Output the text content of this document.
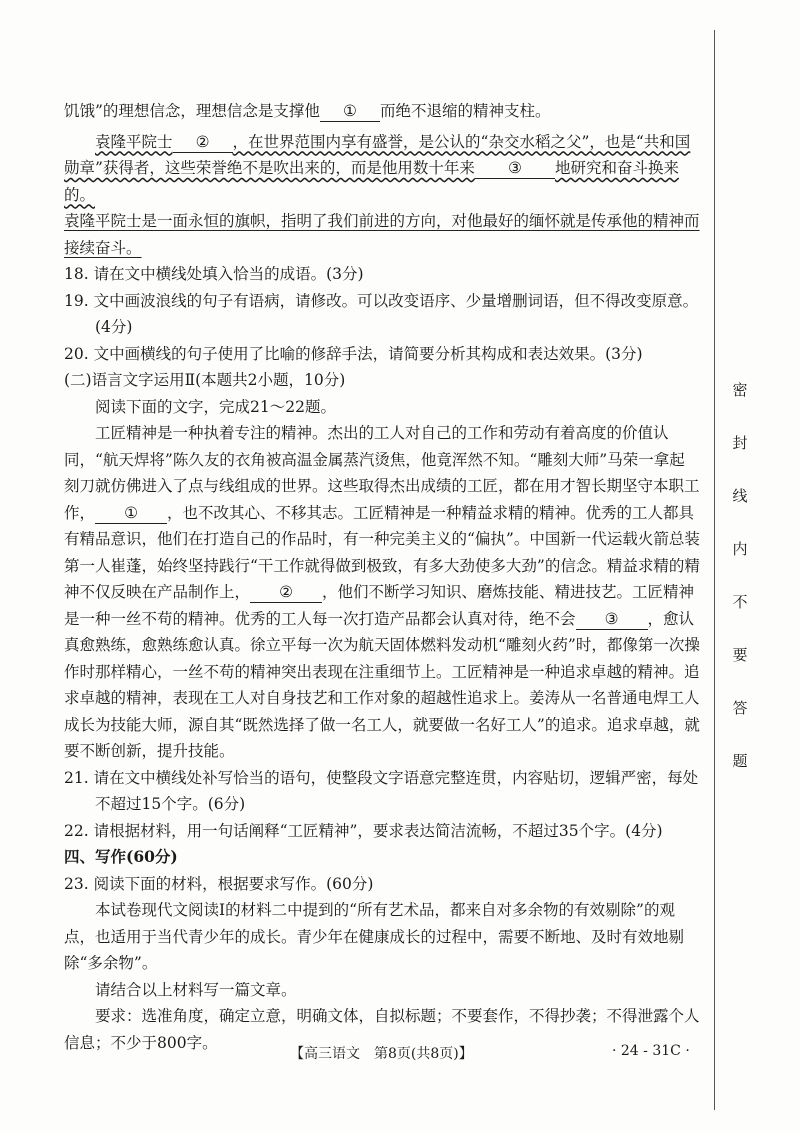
饥饿”的理想信念，理想信念是支撑他 ① 而绝不退缩的精神支柱。

袁隆平院士 ② ，在世界范围内享有盛誉，是公认的“杂交水稻之父”，也是“共和国勋章”获得者，这些荣誉绝不是吹出来的，而是他用数十年来 ③ 地研究和奋斗换来的。
袁隆平院士是一面永恒的旗帜，指明了我们前进的方向，对他最好的缅怀就是传承他的精神而接续奋斗。

18. 请在文中横线处填入恰当的成语。(3分)

19. 文中画波浪线的句子有语病，请修改。可以改变语序、少量增删词语，但不得改变原意。(4分)

20. 文中画横线的句子使用了比喻的修辞手法，请简要分析其构成和表达效果。(3分)

(二)语言文字运用Ⅱ(本题共2小题，10分)

阅读下面的文字，完成21～22题。

工匠精神是一种执着专注的精神。杰出的工人对自己的工作和劳动有着高度的价值认同，“航天焊将”陈久友的衣角被高温金属蒸汽烫焦，他竟浑然不知。“雕刻大师”马荣一拿起刻刀就仿佛进入了点与线组成的世界。这些取得杰出成绩的工匠，都在用才智长期坚守本职工作， ① ，也不改其心、不移其志。工匠精神是一种精益求精的精神。优秀的工人都具有精品意识，他们在打造自己的作品时，有一种完美主义的“偏执”。中国新一代运载火箭总装第一人崔蓬，始终坚持践行“干工作就得做到极致，有多大劲使多大劲”的信念。精益求精的精神不仅反映在产品制作上， ② ，他们不断学习知识、磨炼技能、精进技艺。工匠精神是一种一丝不苟的精神。优秀的工人每一次打造产品都会认真对待，绝不会 ③ ，愈认真愈熟练，愈熟练愈认真。徐立平每一次为航天固体燃料发动机“雕刻火药”时，都像第一次操作时那样精心，一丝不苟的精神突出表现在注重细节上。工匠精神是一种追求卓越的精神。追求卓越的精神，表现在工人对自身技艺和工作对象的超越性追求上。姜涛从一名普通电焊工人成长为技能大师，源自其“既然选择了做一名工人，就要做一名好工人”的追求。追求卓越，就要不断创新，提升技能。

21. 请在文中横线处补写恰当的语句，使整段文字语意完整连贯，内容贴切，逻辑严密，每处不超过15个字。(6分)

22. 请根据材料，用一句话阐释“工匠精神”，要求表达简洁流畅，不超过35个字。(4分)

四、写作(60分)

23. 阅读下面的材料，根据要求写作。(60分)

本试卷现代文阅读Ⅰ的材料二中提到的“所有艺术品，都来自对多余物的有效剔除”的观点，也适用于当代青少年的成长。青少年在健康成长的过程中，需要不断地、及时有效地剔除“多余物”。

请结合以上材料写一篇文章。

要求：选准角度，确定立意，明确文体，自拟标题；不要套作，不得抄袭；不得泄露个人信息；不少于800字。

【高三语文　第8页(共8页)】	· 24 - 31C ·
密
封
线
内
不
要
答
题
